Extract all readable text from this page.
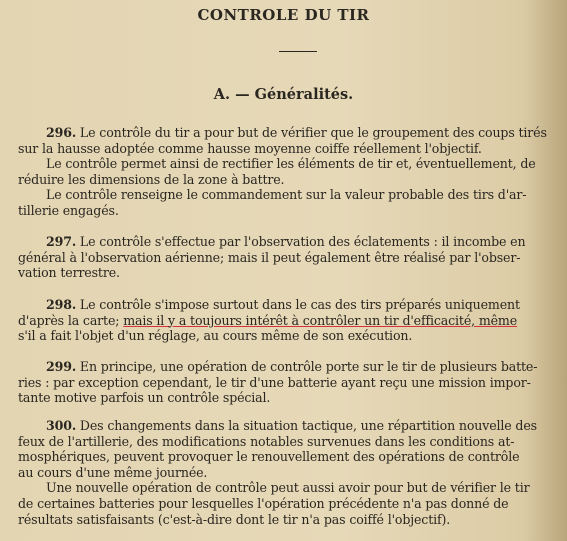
CONTROLE DU TIR
A. — Généralités.
296. Le contrôle du tir a pour but de vérifier que le groupement des coups tirés
sur la hausse adoptée comme hausse moyenne coiffe réellement l'objectif.
Le contrôle permet ainsi de rectifier les éléments de tir et, éventuellement, de
réduire les dimensions de la zone à battre.
Le contrôle renseigne le commandement sur la valeur probable des tirs d'ar-
tillerie engagés.
297. Le contrôle s'effectue par l'observation des éclatements : il incombe en
général à l'observation aérienne; mais il peut également être réalisé par l'obser-
vation terrestre.
298. Le contrôle s'impose surtout dans le cas des tirs préparés uniquement
d'après la carte; mais il y a toujours intérêt à contrôler un tir d'efficacité, même
s'il a fait l'objet d'un réglage, au cours même de son exécution.
299. En principe, une opération de contrôle porte sur le tir de plusieurs batte-
ries : par exception cependant, le tir d'une batterie ayant reçu une mission impor-
tante motive parfois un contrôle spécial.
300. Des changements dans la situation tactique, une répartition nouvelle des
feux de l'artillerie, des modifications notables survenues dans les conditions at-
mosphériques, peuvent provoquer le renouvellement des opérations de contrôle
au cours d'une même journée.
Une nouvelle opération de contrôle peut aussi avoir pour but de vérifier le tir
de certaines batteries pour lesquelles l'opération précédente n'a pas donné de
résultats satisfaisants (c'est-à-dire dont le tir n'a pas coiffé l'objectif).
